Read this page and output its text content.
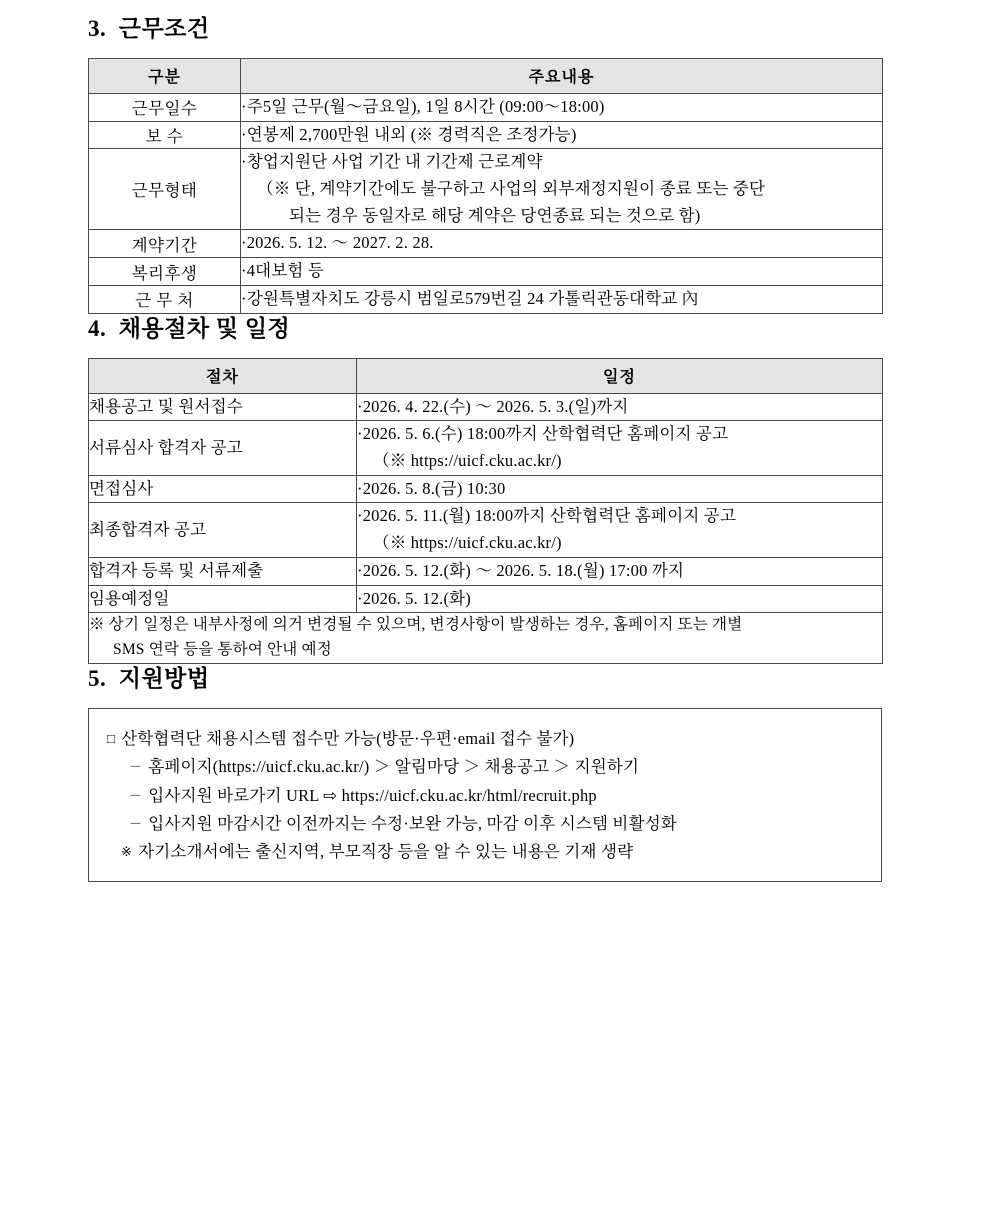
3. 근무조건
구분	주요내용
근무일수	·주5일 근무(월～금요일), 1일 8시간 (09:00～18:00)
보 수	·연봉제 2,700만원 내외 (※ 경력직은 조정가능)
근무형태	·창업지원단 사업 기간 내 기간제 근로계약
（※ 단, 계약기간에도 불구하고 사업의 외부재정지원이 종료 또는 중단
되는 경우 동일자로 해당 계약은 당연종료 되는 것으로 함)

계약기간	·2026. 5. 12. ～ 2027. 2. 28.
복리후생	·4대보험 등
근 무 처	·강원특별자치도 강릉시 범일로579번길 24 가톨릭관동대학교 內
4. 채용절차 및 일정
절차	일정
채용공고 및 원서접수	·2026. 4. 22.(수) ～ 2026. 5. 3.(일)까지
서류심사 합격자 공고	·2026. 5. 6.(수) 18:00까지 산학협력단 홈페이지 공고
（※ https://uicf.cku.ac.kr/)

면접심사	·2026. 5. 8.(금) 10:30
최종합격자 공고	·2026. 5. 11.(월) 18:00까지 산학협력단 홈페이지 공고
（※ https://uicf.cku.ac.kr/)

합격자 등록 및 서류제출	·2026. 5. 12.(화) ～ 2026. 5. 18.(월) 17:00 까지
임용예정일	·2026. 5. 12.(화)
※ 상기 일정은 내부사정에 의거 변경될 수 있으며, 변경사항이 발생하는 경우, 홈페이지 또는 개별
SMS 연락 등을 통하여 안내 예정	
5. 지원방법
□ 산학협력단 채용시스템 접수만 가능(방문·우편·email 접수 불가)
－ 홈페이지(https://uicf.cku.ac.kr/) ＞ 알림마당 ＞ 채용공고 ＞ 지원하기
－ 입사지원 바로가기 URL ⇨ https://uicf.cku.ac.kr/html/recruit.php
－ 입사지원 마감시간 이전까지는 수정·보완 가능, 마감 이후 시스템 비활성화
※ 자기소개서에는 출신지역, 부모직장 등을 알 수 있는 내용은 기재 생략
